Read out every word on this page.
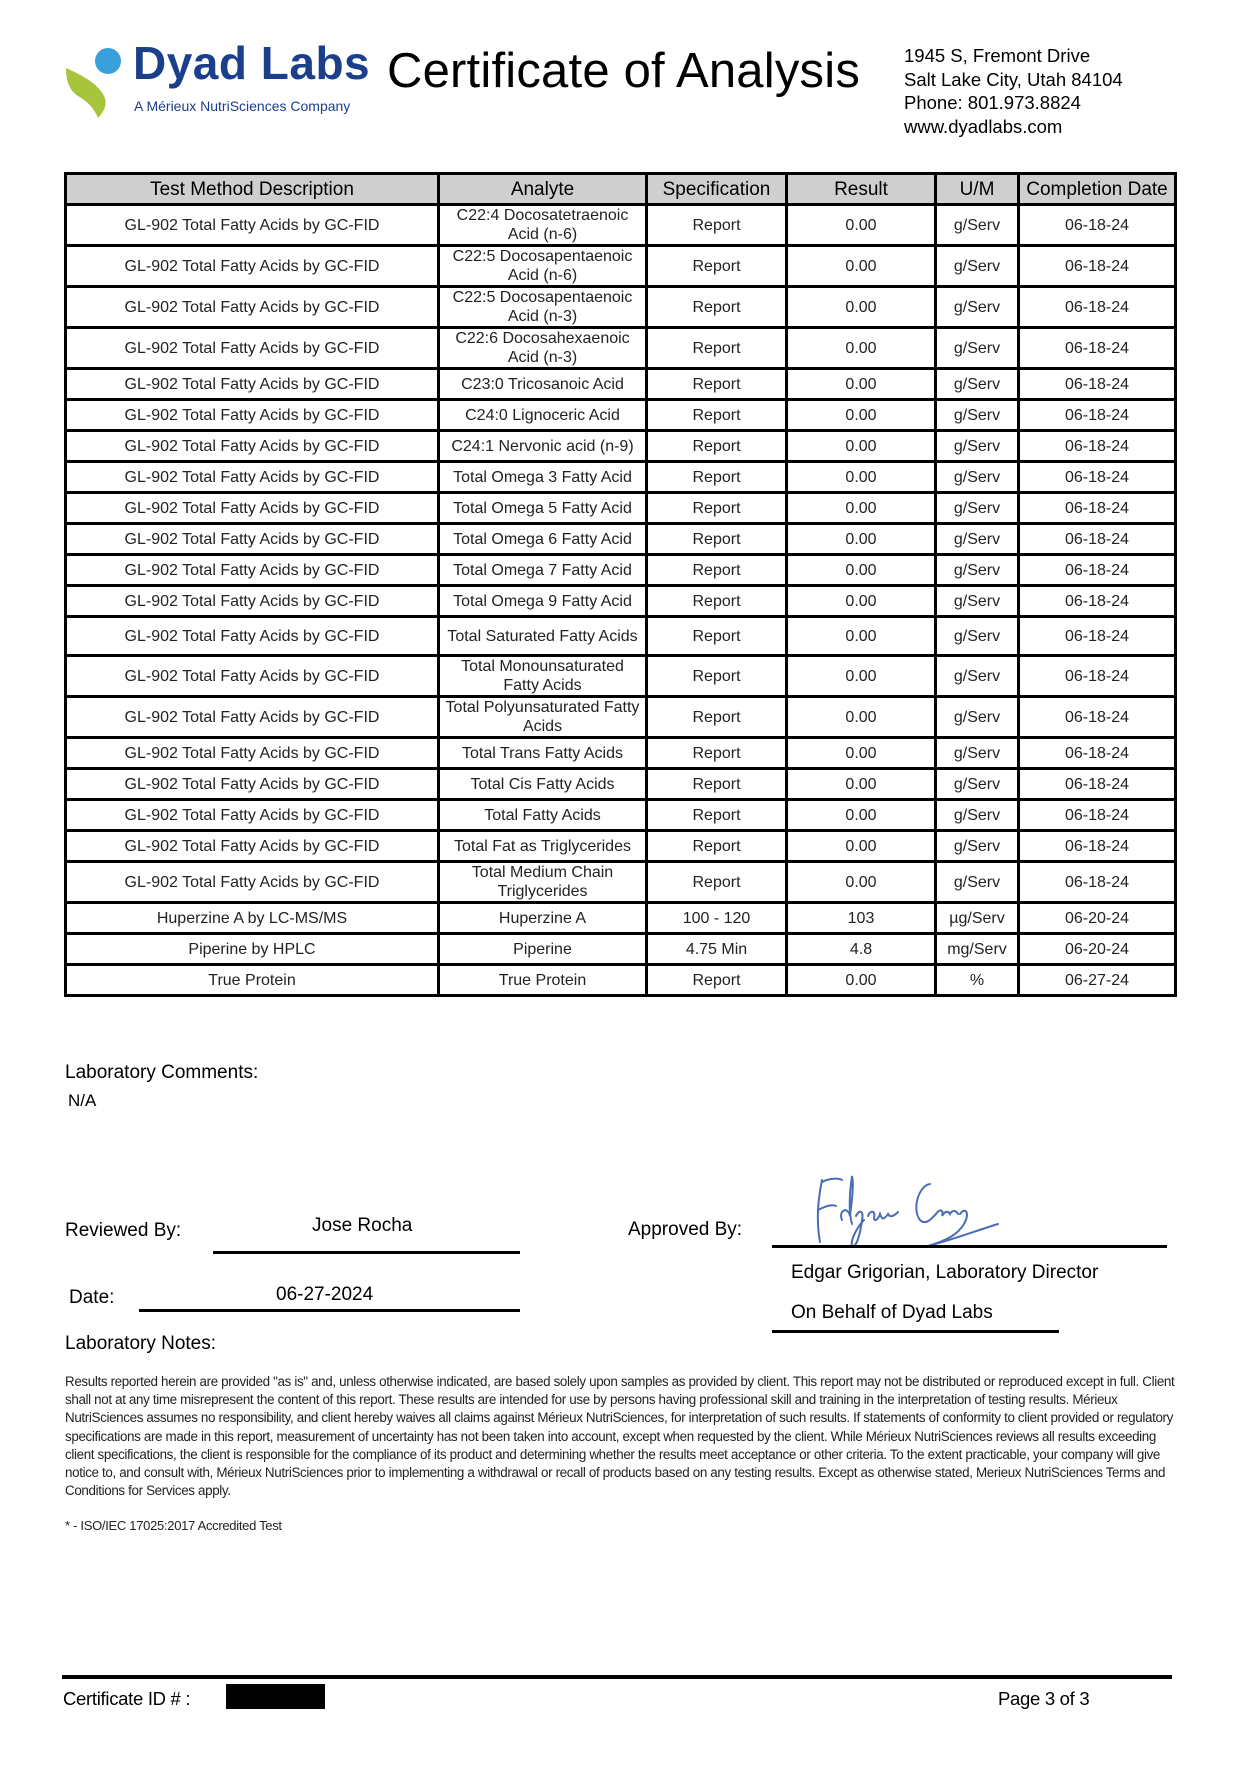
Dyad Labs
A Mérieux NutriSciences Company
Certificate of Analysis 1945 S, Fremont Drive
Salt Lake City, Utah 84104
Phone: 801.973.8824
www.dyadlabs.com
Test Method Description	Analyte	Specification	Result	U/M	Completion Date
GL-902 Total Fatty Acids by GC-FID	C22:4 Docosatetraenoic Acid (n-6)	Report	0.00	g/Serv	06-18-24
GL-902 Total Fatty Acids by GC-FID	C22:5 Docosapentaenoic Acid (n-6)	Report	0.00	g/Serv	06-18-24
GL-902 Total Fatty Acids by GC-FID	C22:5 Docosapentaenoic Acid (n-3)	Report	0.00	g/Serv	06-18-24
GL-902 Total Fatty Acids by GC-FID	C22:6 Docosahexaenoic Acid (n-3)	Report	0.00	g/Serv	06-18-24
GL-902 Total Fatty Acids by GC-FID	C23:0 Tricosanoic Acid	Report	0.00	g/Serv	06-18-24
GL-902 Total Fatty Acids by GC-FID	C24:0 Lignoceric Acid	Report	0.00	g/Serv	06-18-24
GL-902 Total Fatty Acids by GC-FID	C24:1 Nervonic acid (n-9)	Report	0.00	g/Serv	06-18-24
GL-902 Total Fatty Acids by GC-FID	Total Omega 3 Fatty Acid	Report	0.00	g/Serv	06-18-24
GL-902 Total Fatty Acids by GC-FID	Total Omega 5 Fatty Acid	Report	0.00	g/Serv	06-18-24
GL-902 Total Fatty Acids by GC-FID	Total Omega 6 Fatty Acid	Report	0.00	g/Serv	06-18-24
GL-902 Total Fatty Acids by GC-FID	Total Omega 7 Fatty Acid	Report	0.00	g/Serv	06-18-24
GL-902 Total Fatty Acids by GC-FID	Total Omega 9 Fatty Acid	Report	0.00	g/Serv	06-18-24
GL-902 Total Fatty Acids by GC-FID	Total Saturated Fatty Acids	Report	0.00	g/Serv	06-18-24
GL-902 Total Fatty Acids by GC-FID	Total Monounsaturated Fatty Acids	Report	0.00	g/Serv	06-18-24
GL-902 Total Fatty Acids by GC-FID	Total Polyunsaturated Fatty Acids	Report	0.00	g/Serv	06-18-24
GL-902 Total Fatty Acids by GC-FID	Total Trans Fatty Acids	Report	0.00	g/Serv	06-18-24
GL-902 Total Fatty Acids by GC-FID	Total Cis Fatty Acids	Report	0.00	g/Serv	06-18-24
GL-902 Total Fatty Acids by GC-FID	Total Fatty Acids	Report	0.00	g/Serv	06-18-24
GL-902 Total Fatty Acids by GC-FID	Total Fat as Triglycerides	Report	0.00	g/Serv	06-18-24
GL-902 Total Fatty Acids by GC-FID	Total Medium Chain Triglycerides	Report	0.00	g/Serv	06-18-24
Huperzine A by LC-MS/MS	Huperzine A	100 - 120	103	µg/Serv	06-20-24
Piperine by HPLC	Piperine	4.75 Min	4.8	mg/Serv	06-20-24
True Protein	True Protein	Report	0.00	%	06-27-24
Laboratory Comments:
N/A
Reviewed By:	Jose Rocha
Date:	06-27-2024
Approved By:
Edgar Grigorian, Laboratory Director
On Behalf of Dyad Labs
Laboratory Notes:
Results reported herein are provided "as is" and, unless otherwise indicated, are based solely upon samples as provided by client. This report may not be distributed or reproduced except in full. Client shall not at any time misrepresent the content of this report. These results are intended for use by persons having professional skill and training in the interpretation of testing results. Mérieux NutriSciences assumes no responsibility, and client hereby waives all claims against Mérieux NutriSciences, for interpretation of such results. If statements of conformity to client provided or regulatory specifications are made in this report, measurement of uncertainty has not been taken into account, except when requested by the client. While Mérieux NutriSciences reviews all results exceeding client specifications, the client is responsible for the compliance of its product and determining whether the results meet acceptance or other criteria. To the extent practicable, your company will give notice to, and consult with, Mérieux NutriSciences prior to implementing a withdrawal or recall of products based on any testing results. Except as otherwise stated, Merieux NutriSciences Terms and Conditions for Services apply.
* - ISO/IEC 17025:2017 Accredited Test
Certificate ID # :	Page 3 of 3
